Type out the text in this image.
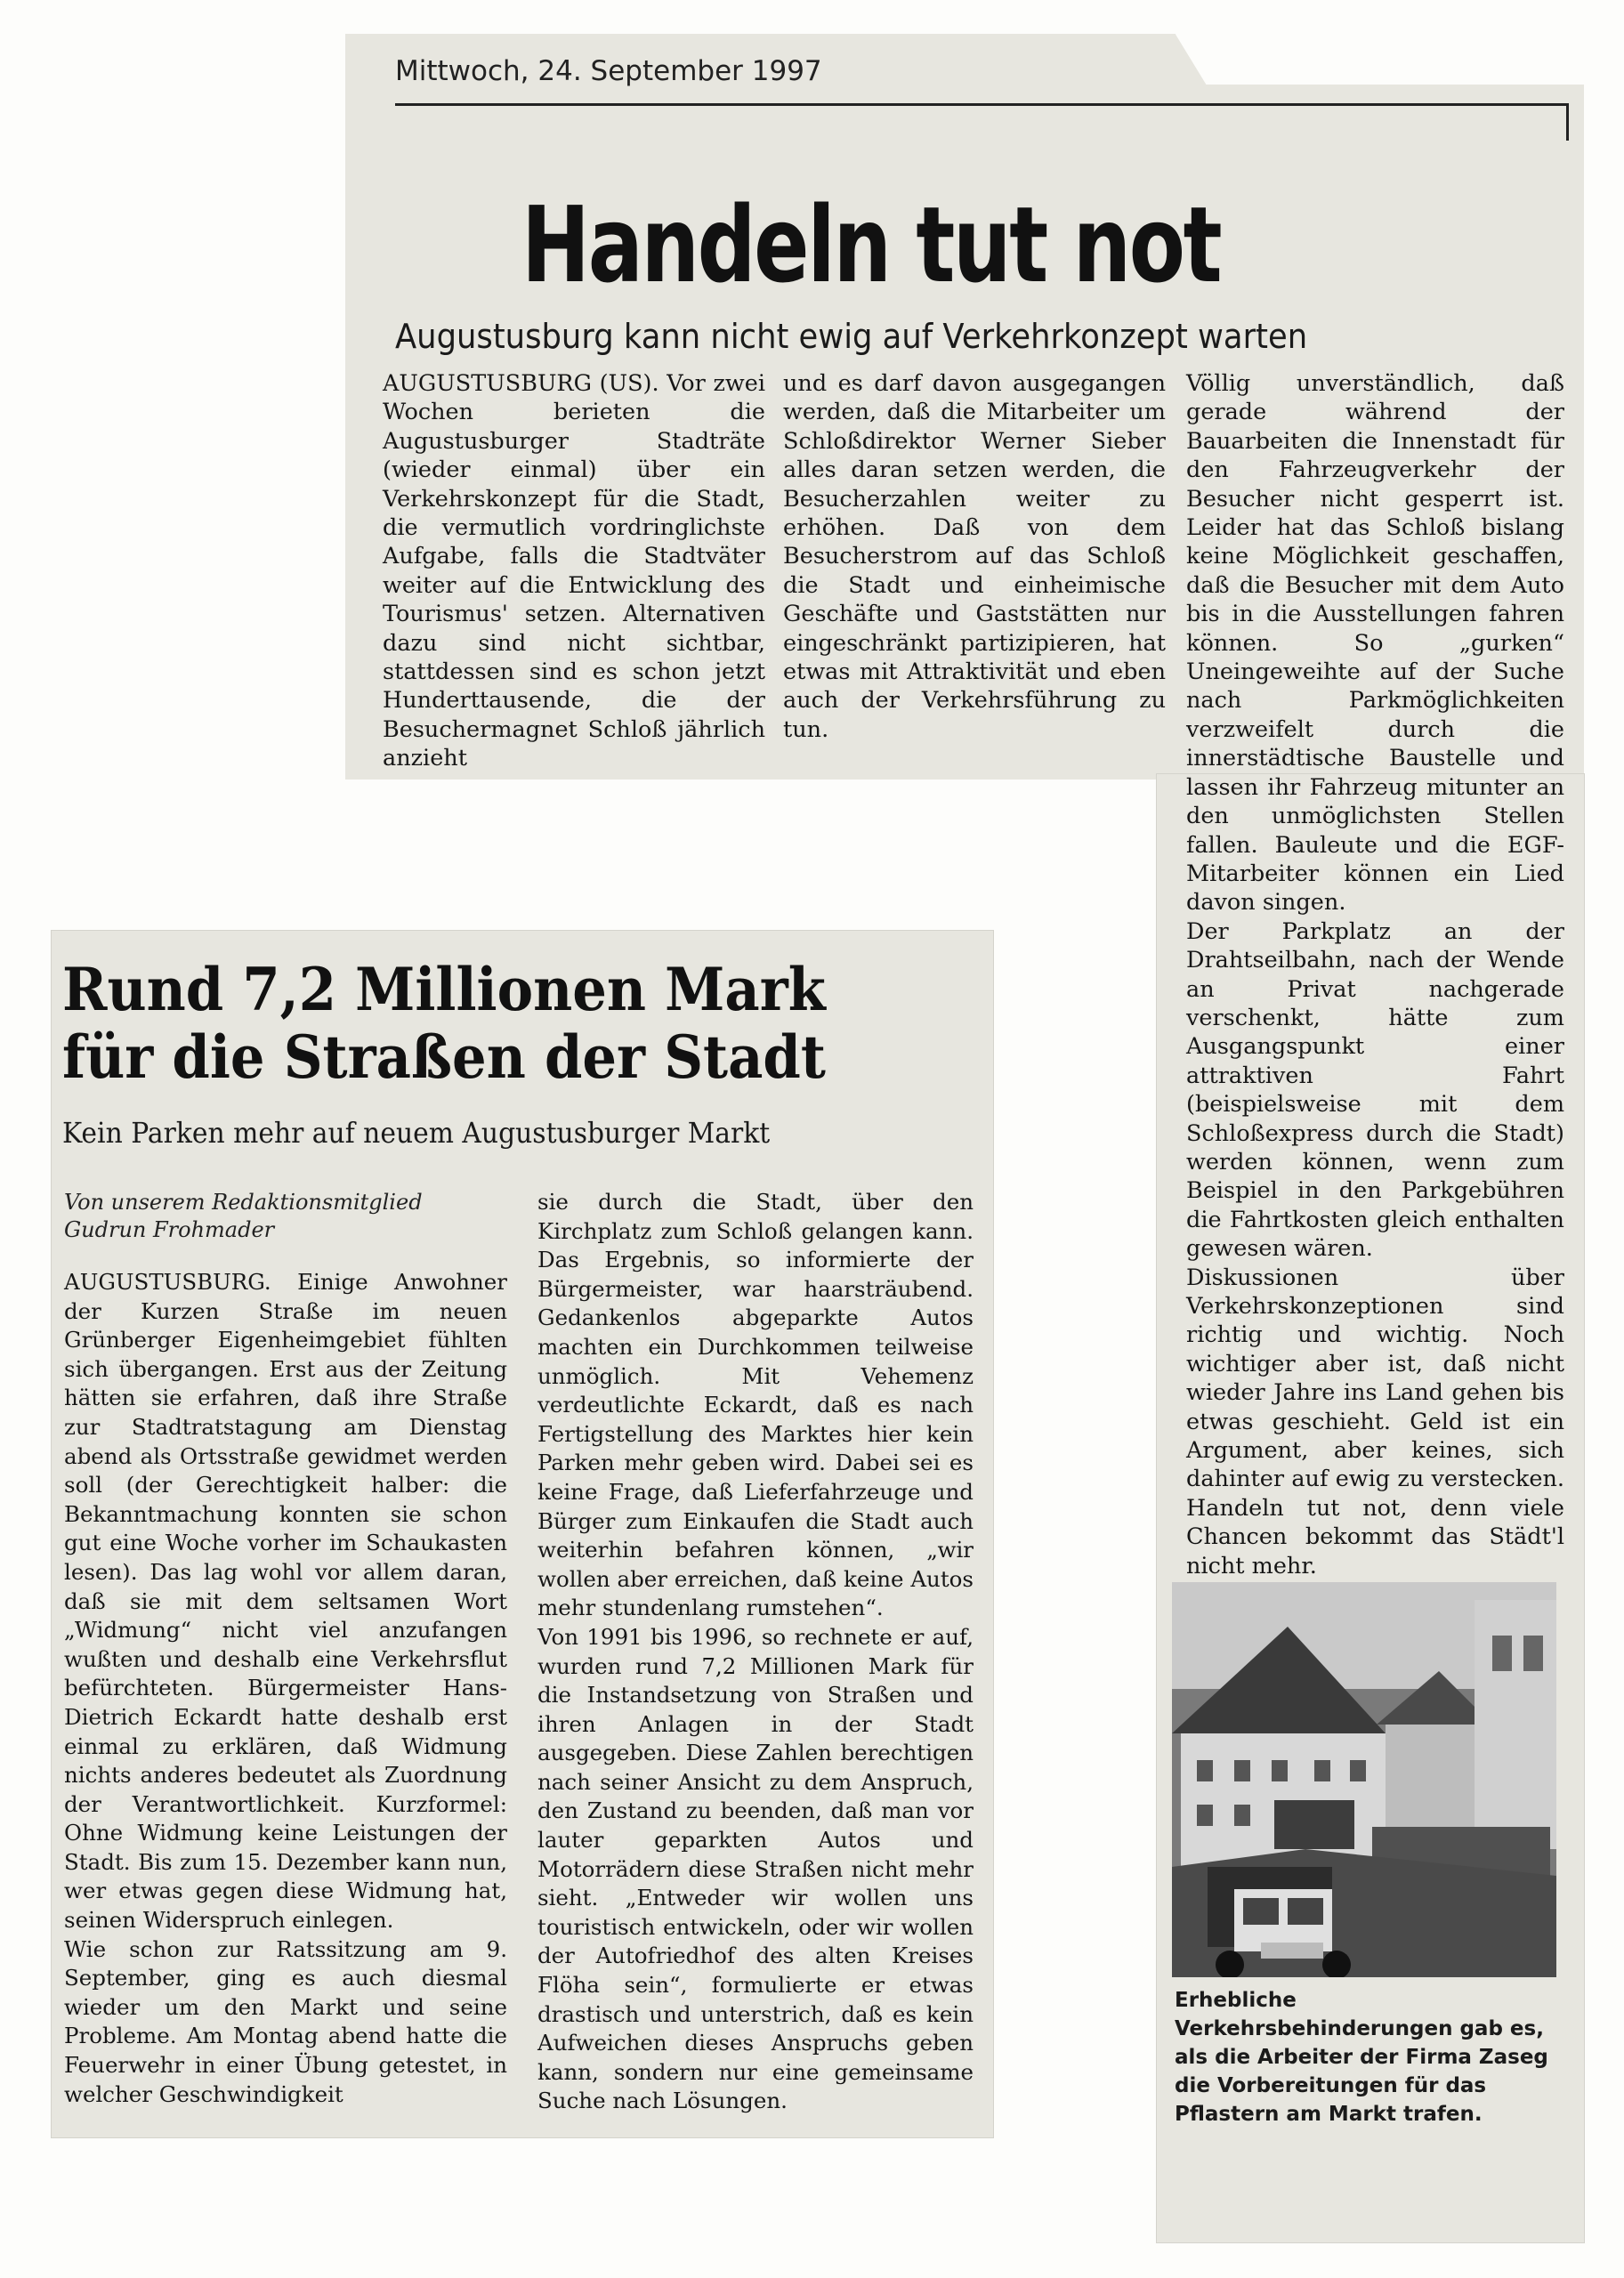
Mittwoch, 24. September 1997
Handeln tut not
Augustusburg kann nicht ewig auf Verkehrkonzept warten
AUGUSTUSBURG (US). Vor zwei Wochen berieten die Augustusburger Stadträte (wieder einmal) über ein Verkehrskonzept für die Stadt, die vermutlich vordringlichste Aufgabe, falls die Stadtväter weiter auf die Entwicklung des Tourismus' setzen. Alternativen dazu sind nicht sichtbar, stattdessen sind es schon jetzt Hunderttausende, die der Besuchermagnet Schloß jährlich anzieht
und es darf davon ausgegangen werden, daß die Mitarbeiter um Schloßdirektor Werner Sieber alles daran setzen werden, die Besucherzahlen weiter zu erhöhen. Daß von dem Besucherstrom auf das Schloß die Stadt und einheimische Geschäfte und Gaststätten nur eingeschränkt partizipieren, hat etwas mit Attraktivität und eben auch der Verkehrsführung zu tun.
Völlig unverständlich, daß gerade während der Bauarbeiten die Innenstadt für den Fahrzeugverkehr der Besucher nicht gesperrt ist. Leider hat das Schloß bislang keine Möglichkeit geschaffen, daß die Besucher mit dem Auto bis in die Ausstellungen fahren können. So „gurken“ Uneingeweihte auf der Suche nach Parkmöglichkeiten verzweifelt durch die innerstädtische Baustelle und lassen ihr Fahrzeug mitunter an den unmöglichsten Stellen fallen. Bauleute und die EGF-Mitarbeiter können ein Lied davon singen.
Der Parkplatz an der Drahtseilbahn, nach der Wende an Privat nachgerade verschenkt, hätte zum Ausgangspunkt einer attraktiven Fahrt (beispielsweise mit dem Schloßexpress durch die Stadt) werden können, wenn zum Beispiel in den Parkgebühren die Fahrtkosten gleich enthalten gewesen wären.
Diskussionen über Verkehrskonzeptionen sind richtig und wichtig. Noch wichtiger aber ist, daß nicht wieder Jahre ins Land gehen bis etwas geschieht. Geld ist ein Argument, aber keines, sich dahinter auf ewig zu verstecken. Handeln tut not, denn viele Chancen bekommt das Städt'l nicht mehr.
Erhebliche Verkehrsbehinderungen gab es, als die Arbeiter der Firma Zaseg die Vorbereitungen für das Pflastern am Markt trafen.
Rund 7,2 Millionen Mark
für die Straßen der Stadt
Kein Parken mehr auf neuem Augustusburger Markt
Von unserem Redaktionsmitglied
Gudrun Frohmader
AUGUSTUSBURG. Einige Anwohner der Kurzen Straße im neuen Grünberger Eigenheimgebiet fühlten sich übergangen. Erst aus der Zeitung hätten sie erfahren, daß ihre Straße zur Stadtratstagung am Dienstag abend als Ortsstraße gewidmet werden soll (der Gerechtigkeit halber: die Bekanntmachung konnten sie schon gut eine Woche vorher im Schaukasten lesen). Das lag wohl vor allem daran, daß sie mit dem seltsamen Wort „Widmung“ nicht viel anzufangen wußten und deshalb eine Verkehrsflut befürchteten. Bürgermeister Hans-Dietrich Eckardt hatte deshalb erst einmal zu erklären, daß Widmung nichts anderes bedeutet als Zuordnung der Verantwortlichkeit. Kurzformel: Ohne Widmung keine Leistungen der Stadt. Bis zum 15. Dezember kann nun, wer etwas gegen diese Widmung hat, seinen Widerspruch einlegen.
Wie schon zur Ratssitzung am 9. September, ging es auch diesmal wieder um den Markt und seine Probleme. Am Montag abend hatte die Feuerwehr in einer Übung getestet, in welcher Geschwindigkeit
sie durch die Stadt, über den Kirchplatz zum Schloß gelangen kann. Das Ergebnis, so informierte der Bürgermeister, war haarsträubend. Gedankenlos abgeparkte Autos machten ein Durchkommen teilweise unmöglich. Mit Vehemenz verdeutlichte Eckardt, daß es nach Fertigstellung des Marktes hier kein Parken mehr geben wird. Dabei sei es keine Frage, daß Lieferfahrzeuge und Bürger zum Einkaufen die Stadt auch weiterhin befahren können, „wir wollen aber erreichen, daß keine Autos mehr stundenlang rumstehen“.
Von 1991 bis 1996, so rechnete er auf, wurden rund 7,2 Millionen Mark für die Instandsetzung von Straßen und ihren Anlagen in der Stadt ausgegeben. Diese Zahlen berechtigen nach seiner Ansicht zu dem Anspruch, den Zustand zu beenden, daß man vor lauter geparkten Autos und Motorrädern diese Straßen nicht mehr sieht. „Entweder wir wollen uns touristisch entwickeln, oder wir wollen der Autofriedhof des alten Kreises Flöha sein“, formulierte er etwas drastisch und unterstrich, daß es kein Aufweichen dieses Anspruchs geben kann, sondern nur eine gemeinsame Suche nach Lösungen.
